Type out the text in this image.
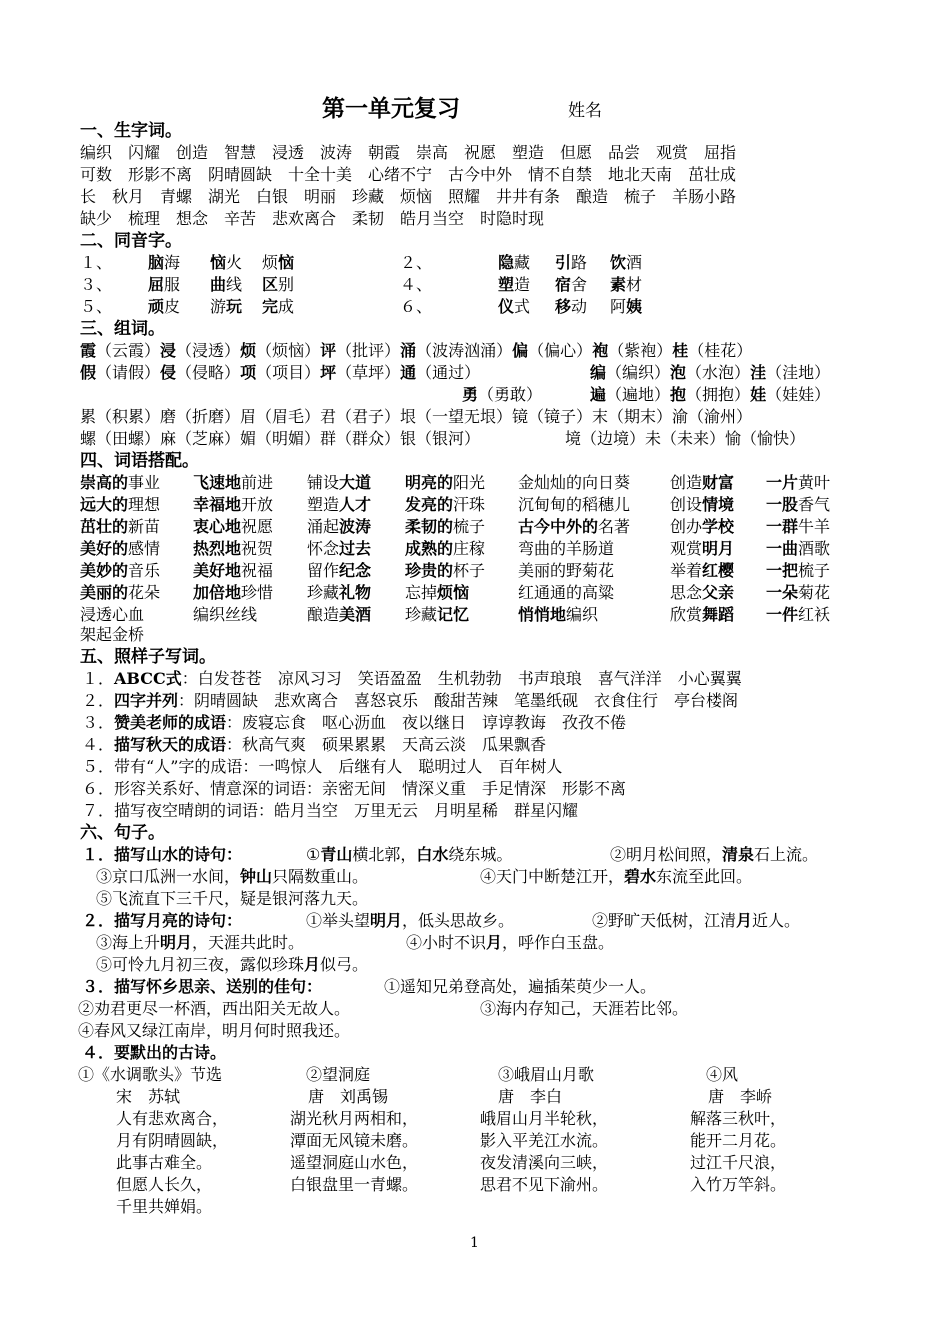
第一单元复习	姓名
一、生字词。
编织　闪耀　创造　智慧　浸透　波涛　朝霞　崇高　祝愿　塑造　但愿　品尝　观赏　屈指
可数　形影不离　阴晴圆缺　十全十美　心绪不宁　古今中外　情不自禁　地北天南　茁壮成
长　秋月　青螺　湖光　白银　明丽　珍藏　烦恼　照耀　井井有条　酿造　梳子　羊肠小路
缺少　梳理　想念　辛苦　悲欢离合　柔韧　皓月当空　时隐时现
二、同音字。
１、 脑海 恼火 烦恼	２、	隐藏 引路 饮酒
３、 屈服 曲线 区别	４、	塑造 宿舍 素材
５、 顽皮 游玩 完成	６、	仪式 移动 阿姨
三、组词。
霞（云霞）浸（浸透）烦（烦恼）评（批评）涌（波涛汹涌）偏（偏心）袍（紫袍）桂（桂花）
假（请假）侵（侵略）项（项目）坪（草坪）通（通过）	编（编织）泡（水泡）洼（洼地）
勇（勇敢）	遍（遍地）抱（拥抱）娃（娃娃）
累（积累）磨（折磨）眉（眉毛）君（君子）垠（一望无垠）镜（镜子）末（期末）渝（渝州）
螺（田螺）麻（芝麻）媚（明媚）群（群众）银（银河）	境（边境）未（未来）愉（愉快）
四、词语搭配。
崇高的事业 飞速地前进 铺设大道 明亮的阳光 金灿灿的向日葵 创造财富 一片黄叶
远大的理想 幸福地开放 塑造人才 发亮的汗珠 沉甸甸的稻穗儿 创设情境 一股香气
茁壮的新苗 衷心地祝愿 涌起波涛 柔韧的梳子 古今中外的名著 创办学校 一群牛羊
美好的感情 热烈地祝贺 怀念过去 成熟的庄稼 弯曲的羊肠道	观赏明月 一曲酒歌
美妙的音乐 美好地祝福 留作纪念 珍贵的杯子 美丽的野菊花	举着红樱 一把梳子
美丽的花朵 加倍地珍惜 珍藏礼物 忘掉烦恼	红通通的高粱	思念父亲 一朵菊花
浸透心血	编织丝线	酿造美酒 珍藏记忆	悄悄地编织	欣赏舞蹈 一件红袄
架起金桥
五、照样子写词。
１．ABCC式：白发苍苍　凉风习习　笑语盈盈　生机勃勃　书声琅琅　喜气洋洋　小心翼翼
２．四字并列：阴晴圆缺　悲欢离合　喜怒哀乐　酸甜苦辣　笔墨纸砚　衣食住行　亭台楼阁
３．赞美老师的成语：废寝忘食　呕心沥血　夜以继日　谆谆教诲　孜孜不倦
４．描写秋天的成语：秋高气爽　硕果累累　天高云淡　瓜果飘香
５．带有“人”字的成语：一鸣惊人　后继有人　聪明过人　百年树人
６．形容关系好、情意深的词语：亲密无间　情深义重　手足情深　形影不离
７．描写夜空晴朗的词语：皓月当空　万里无云　月明星稀　群星闪耀
六、句子。
１．描写山水的诗句：	①青山横北郭，白水绕东城。	②明月松间照，清泉石上流。
③京口瓜洲一水间，钟山只隔数重山。	④天门中断楚江开，碧水东流至此回。
⑤飞流直下三千尺，疑是银河落九天。
２．描写月亮的诗句：	①举头望明月，低头思故乡。	②野旷天低树，江清月近人。
③海上升明月，天涯共此时。	④小时不识月，呼作白玉盘。
⑤可怜九月初三夜，露似珍珠月似弓。
３．描写怀乡思亲、送别的佳句：	①遥知兄弟登高处，遍插茱萸少一人。
②劝君更尽一杯酒，西出阳关无故人。	③海内存知己，天涯若比邻。
④春风又绿江南岸，明月何时照我还。
４．要默出的古诗。
①《水调歌头》节选
宋　苏轼
人有悲欢离合，
月有阴晴圆缺，
此事古难全。
但愿人长久，
千里共婵娟。
②望洞庭
唐　刘禹锡
湖光秋月两相和，
潭面无风镜未磨。
遥望洞庭山水色，
白银盘里一青螺。
③峨眉山月歌
唐　李白
峨眉山月半轮秋，
影入平羌江水流。
夜发清溪向三峡，
思君不见下渝州。
④风
唐　李峤
解落三秋叶，
能开二月花。
过江千尺浪，
入竹万竿斜。
1
